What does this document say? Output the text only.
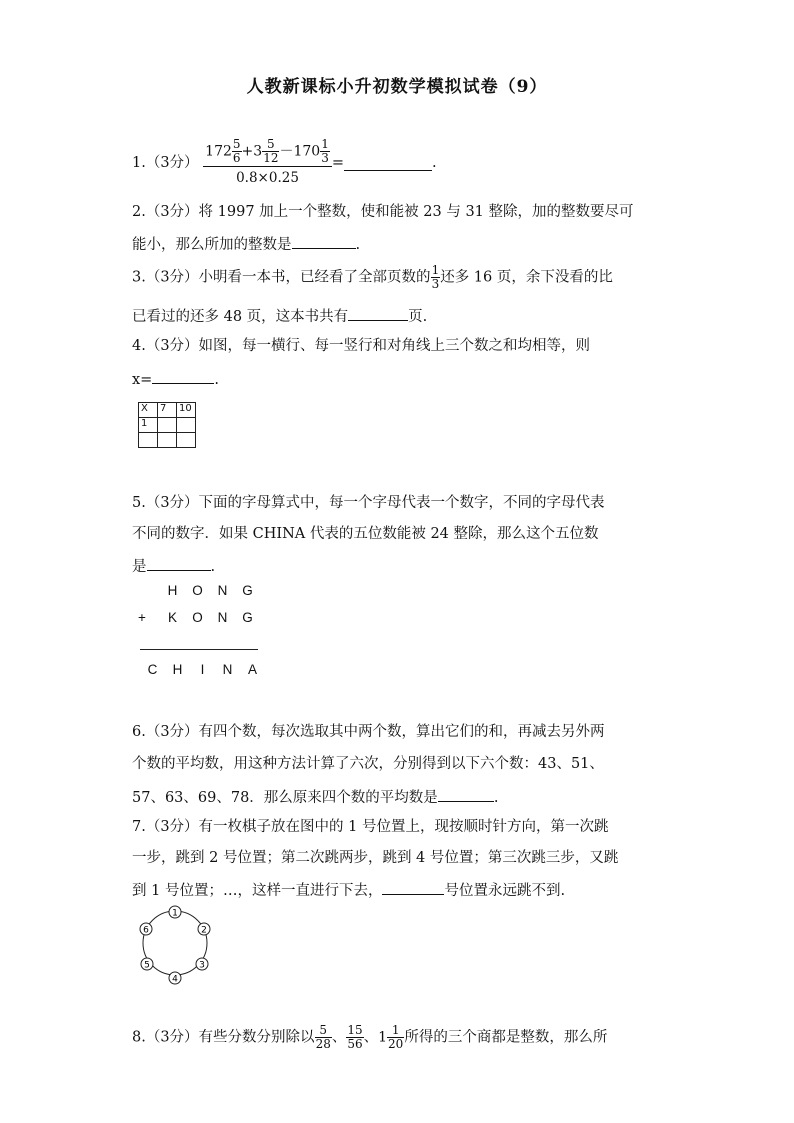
人教新课标小升初数学模拟试卷（9）
1.（3分） $\frac{172 \frac{5}{6} +3 \frac{5}{12} -170 \frac{1}{3}}{0.8\times 0.25}$ =	.
2.（3分）将 1997 加上一个整数，使和能被 23 与 31 整除，加的整数要尽可
能小，那么所加的整数是	.
3.（3分）小明看一本书，已经看了全部页数的 $\frac{1}{3}$ 还多 16 页，余下没看的比
已看过的还多 48 页，这本书共有	页.
4.（3分）如图，每一横行、每一竖行和对角线上三个数之和均相等，则
x=	.
X	7	10
1		

5.（3分）下面的字母算式中，每一个字母代表一个数字，不同的字母代表
不同的数字．如果 CHINA 代表的五位数能被 24 整除，那么这个五位数
是	.
H O N G
+	K O N G
C H I N A
6.（3分）有四个数，每次选取其中两个数，算出它们的和，再减去另外两
个数的平均数，用这种方法计算了六次，分别得到以下六个数：43、51、
57、63、69、78．那么原来四个数的平均数是	.
7.（3分）有一枚棋子放在图中的 1 号位置上，现按顺时针方向，第一次跳
一步，跳到 2 号位置；第二次跳两步，跳到 4 号位置；第三次跳三步，又跳
到 1 号位置；…，这样一直进行下去，	号位置永远跳不到.
1
2
3
4
5
6
8.（3分）有些分数分别除以 $\frac{5}{28}$ 、 $\frac{15}{56}$ 、$1 \frac{1}{20}$ 所得的三个商都是整数，那么所
